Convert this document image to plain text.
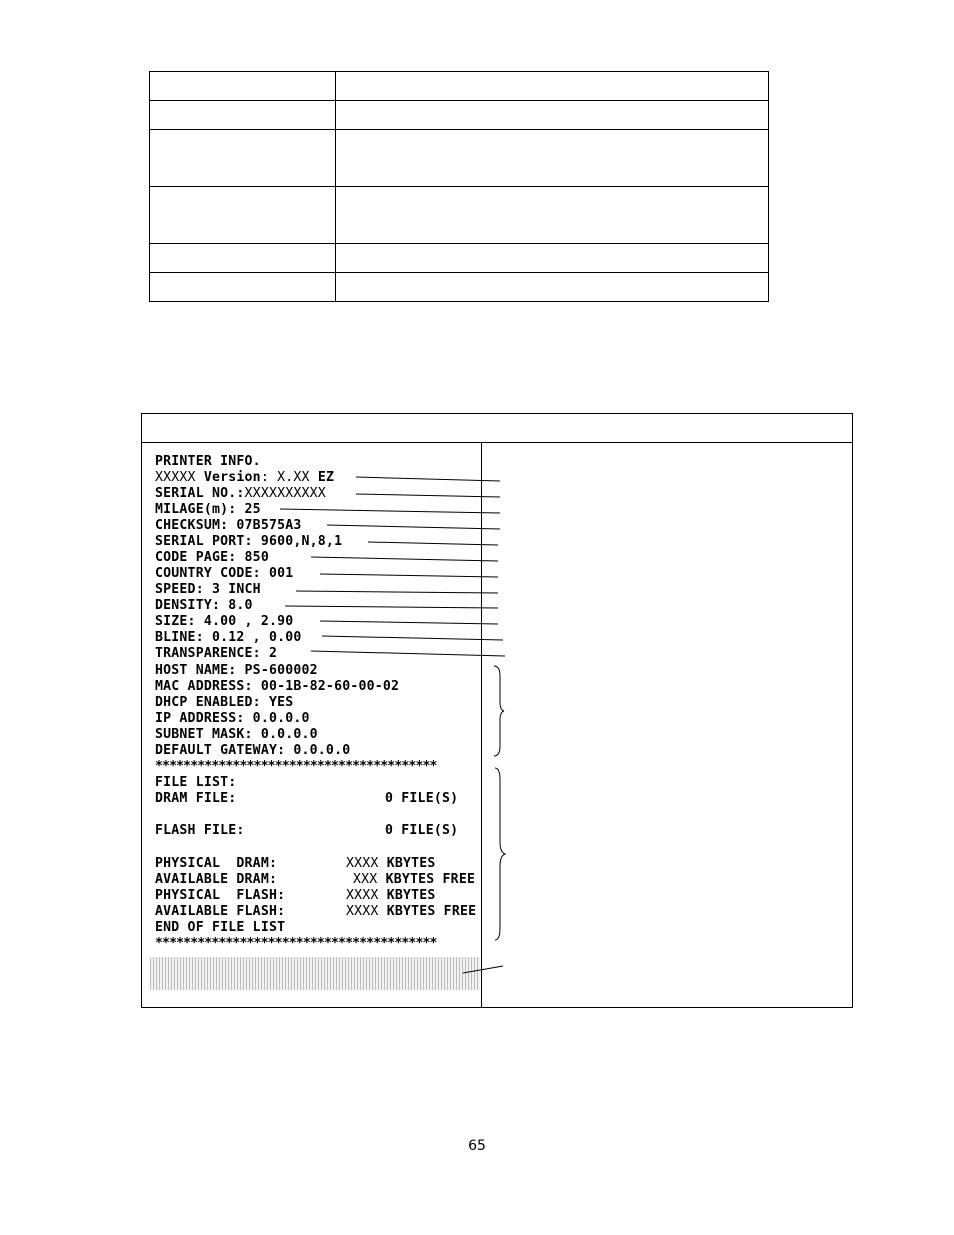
PRINTER INFO.
XXXXX Version: X.XX EZ
SERIAL NO.:XXXXXXXXXX
MILAGE(m): 25
CHECKSUM: 07B575A3
SERIAL PORT: 9600,N,8,1
CODE PAGE: 850
COUNTRY CODE: 001
SPEED: 3 INCH
DENSITY: 8.0
SIZE: 4.00 , 2.90
BLINE: 0.12 , 0.00
TRANSPARENCE: 2
HOST NAME: PS-600002
MAC ADDRESS: 00-1B-82-60-00-02
DHCP ENABLED: YES
IP ADDRESS: 0.0.0.0
SUBNET MASK: 0.0.0.0
DEFAULT GATEWAY: 0.0.0.0
****************************************
FILE LIST:
DRAM FILE:	0 FILE(S)
FLASH FILE:	0 FILE(S)
PHYSICAL  DRAM:	XXXX KBYTES
AVAILABLE DRAM:	XXX KBYTES FREE
PHYSICAL  FLASH:	XXXX KBYTES
AVAILABLE FLASH:	XXXX KBYTES FREE
END OF FILE LIST
****************************************
65
